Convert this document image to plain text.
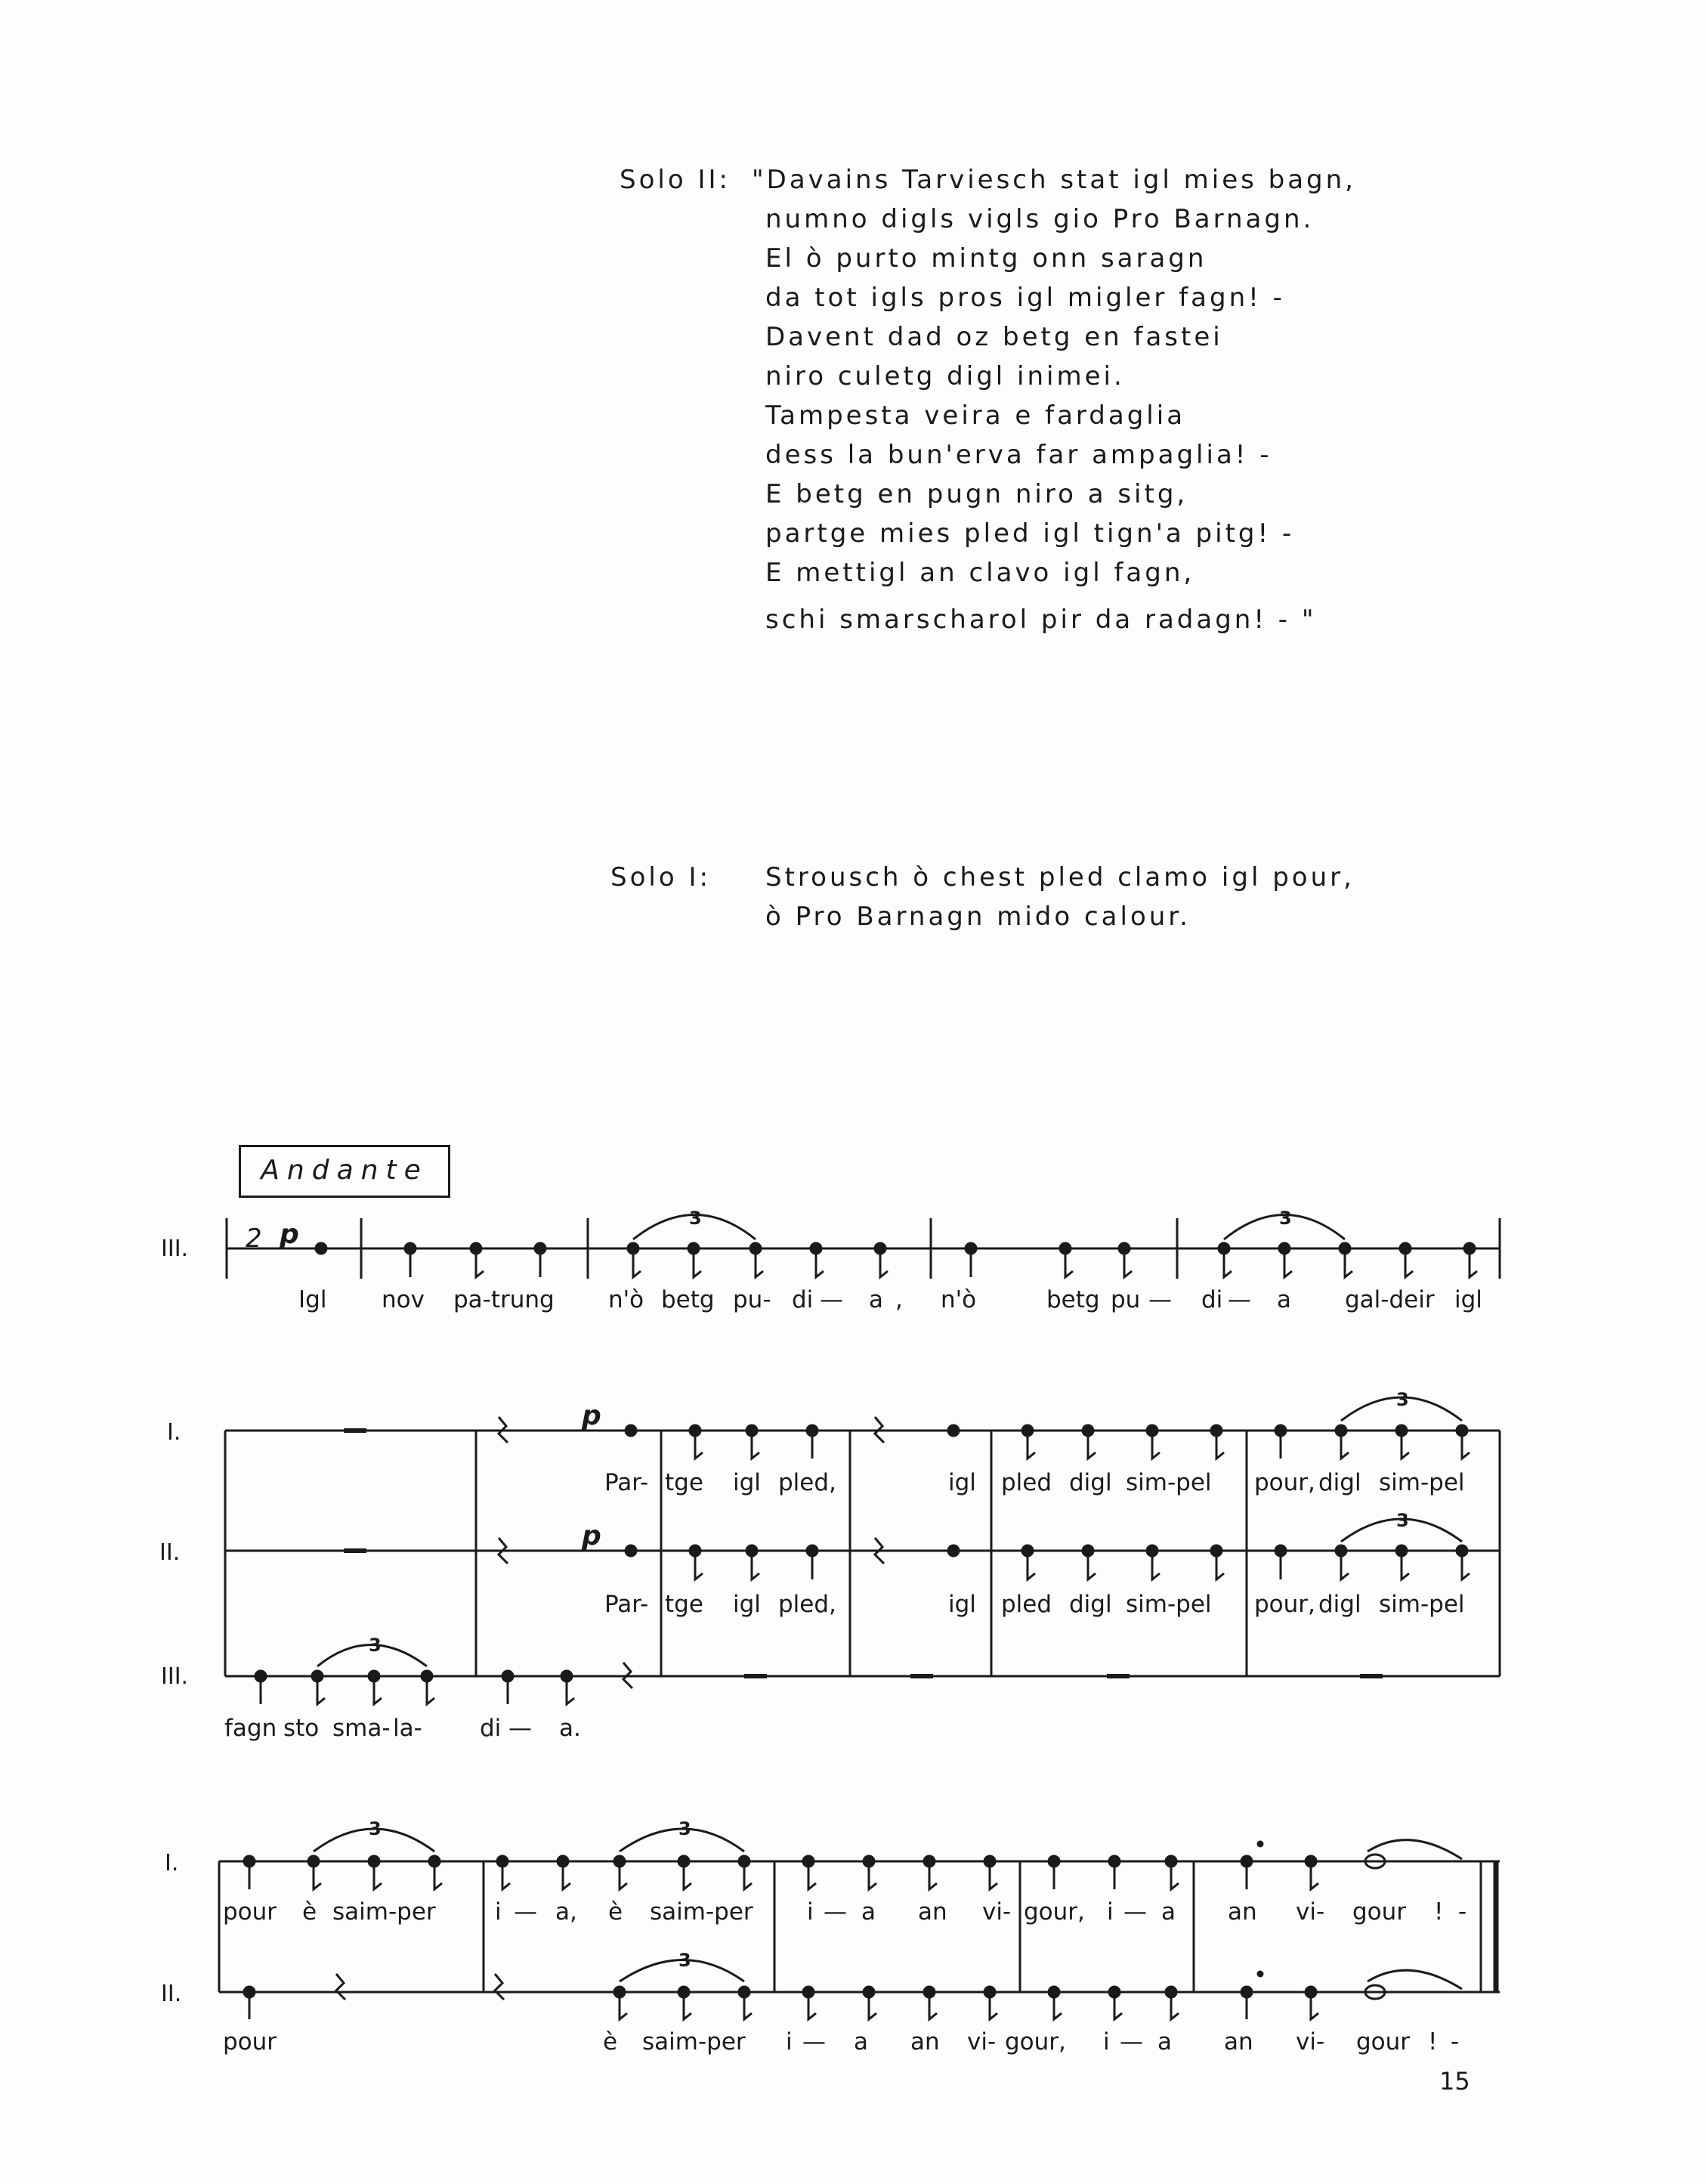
Solo II: "Davains Tarviesch stat igl mies bagn,
numno digls vigls gio Pro Barnagn.
El ò purto mintg onn saragn
da tot igls pros igl migler fagn! -
Davent dad oz betg en fastei
niro culetg digl inimei.
Tampesta veira e fardaglia
dess la bun'erva far ampaglia! -
E betg en pugn niro a sitg,
partge mies pled igl tign'a pitg! -
E mettigl an clavo igl fagn,
schi smarscharol pir da radagn! - "
Solo I: Strousch ò chest pled clamo igl pour,
ò Pro Barnagn mido calour.
Andante
III. 2 p
3	3
I.
II.
III.
p
p
3
3
3
I.
II.
3	3
3
Igl nov pa-trung n'ò betg pu- di — a , n'ò	betg pu — di — a gal-deir igl
Par- tge igl pled,	igl pled digl sim-pel pour, digl sim-pel
Par- tge igl pled,	igl pled digl sim-pel pour, digl sim-pel
fagn sto sma- la- di — a.
pour è saim-per	i — a, è saim-per i — a an vi- gour, i — a an vi- gour ! -
pour	è saim-per i — a an vi- gour, i — a an vi- gour ! -
15
